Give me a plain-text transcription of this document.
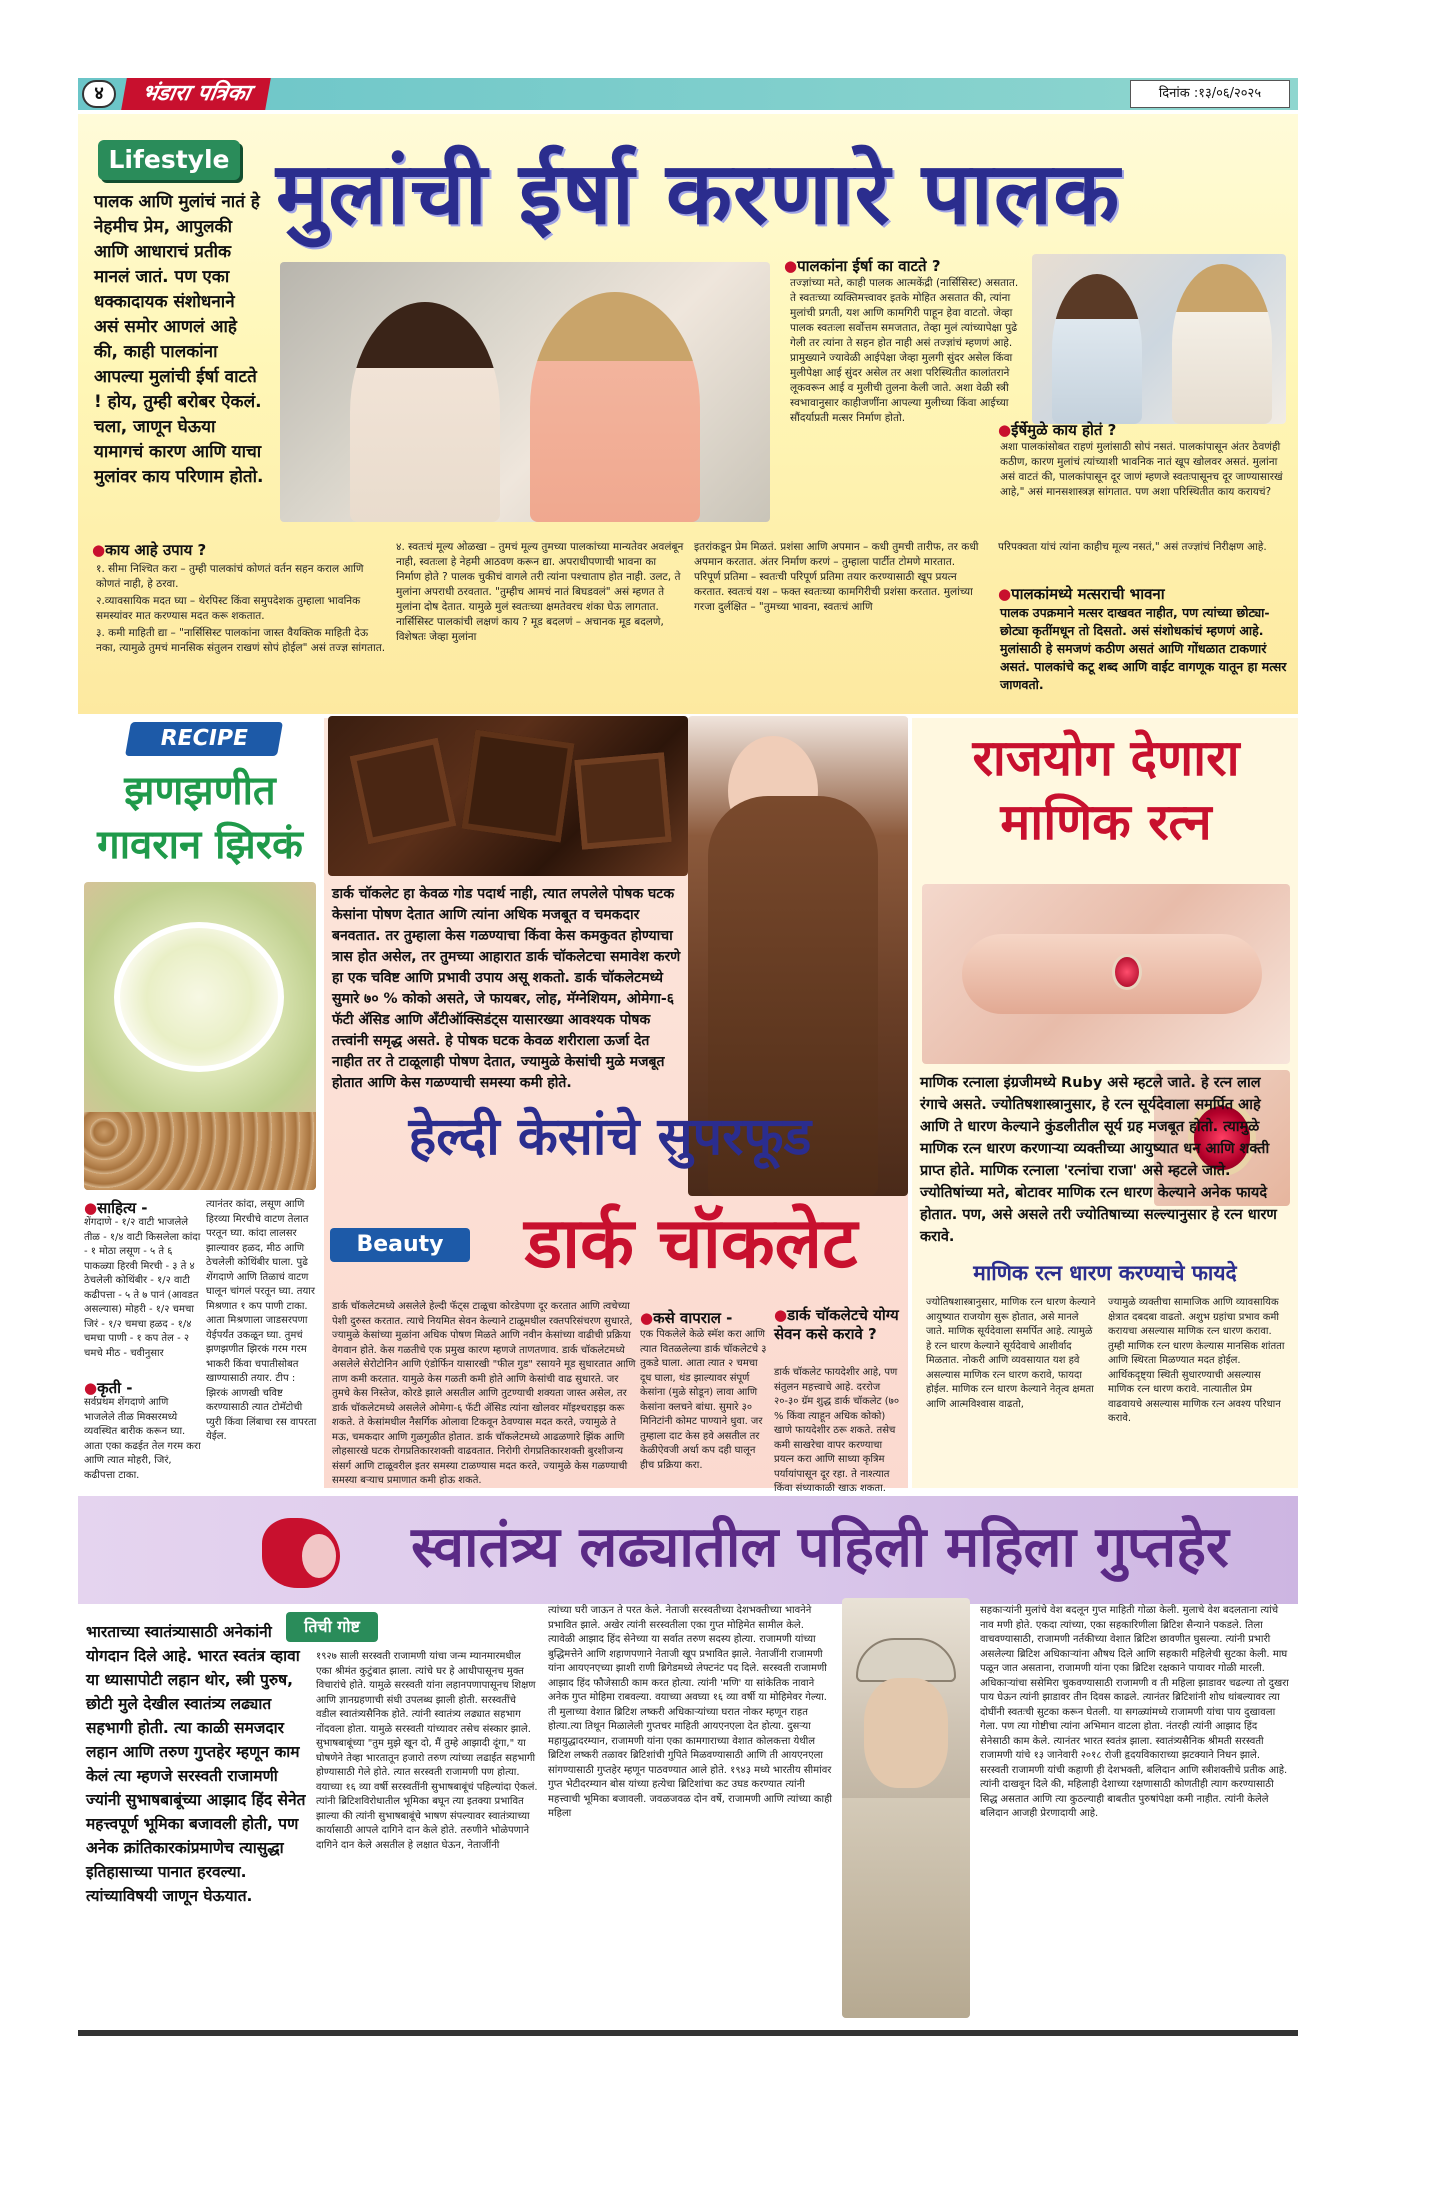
४	भंडारा पत्रिका	दिनांक :१३/०६/२०२५
Lifestyle मुलांची ईर्षा करणारे पालक
पालक आणि मुलांचं नातं हे नेहमीच प्रेम, आपुलकी आणि आधाराचं प्रतीक मानलं जातं. पण एका धक्कादायक संशोधनाने असं समोर आणलं आहे की, काही पालकांना आपल्या मुलांची ईर्षा वाटते ! होय, तुम्ही बरोबर ऐकलं. चला, जाणून घेऊया यामागचं कारण आणि याचा मुलांवर काय परिणाम होतो.
● पालकांना ईर्षा का वाटते ?
तज्ज्ञांच्या मते, काही पालक आत्मकेंद्री (नार्सिसिस्ट) असतात. ते स्वतःच्या व्यक्तिमत्त्वावर इतके मोहित असतात की, त्यांना मुलांची प्रगती, यश आणि कामगिरी पाहून हेवा वाटतो. जेव्हा पालक स्वतःला सर्वोत्तम समजतात, तेव्हा मुलं त्यांच्यापेक्षा पुढे गेली तर त्यांना ते सहन होत नाही असं तज्ज्ञांचं म्हणणं आहे. प्रामुख्याने ज्यावेळी आईपेक्षा जेव्हा मुलगी सुंदर असेल किंवा मुलीपेक्षा आई सुंदर असेल तर अशा परिस्थितीत कालांतराने लूकवरून आई व मुलीची तुलना केली जाते. अशा वेळी स्त्री स्वभावानुसार काहीजणींना आपल्या मुलीच्या किंवा आईच्या सौंदर्याप्रती मत्सर निर्माण होतो.
● ईर्षेमुळे काय होतं ?
अशा पालकांसोबत राहणं मुलांसाठी सोपं नसतं. पालकांपासून अंतर ठेवणंही कठीण, कारण मुलांचं त्यांच्याशी भावनिक नातं खूप खोलवर असतं. मुलांना असं वाटतं की, पालकांपासून दूर जाणं म्हणजे स्वतःपासूनच दूर जाण्यासारखं आहे," असं मानसशास्त्रज्ञ सांगतात. पण अशा परिस्थितीत काय करायचं?
● काय आहे उपाय ?

१. सीमा निश्चित करा – तुम्ही पालकांचं कोणतं वर्तन सहन कराल आणि कोणतं नाही, हे ठरवा.

२.व्यावसायिक मदत घ्या – थेरपिस्ट किंवा समुपदेशक तुम्हाला भावनिक समस्यांवर मात करण्यास मदत करू शकतात.

३. कमी माहिती द्या – "नार्सिसिस्ट पालकांना जास्त वैयक्तिक माहिती देऊ नका, त्यामुळे तुमचं मानसिक संतुलन राखणं सोपं होईल" असं तज्ज्ञ सांगतात.

४. स्वतःचं मूल्य ओळखा – तुमचं मूल्य तुमच्या पालकांच्या मान्यतेवर अवलंबून नाही, स्वतःला हे नेहमी आठवण करून द्या. अपराधीपणाची भावना का निर्माण होते ? पालक चुकीचं वागले तरी त्यांना पश्चाताप होत नाही. उलट, ते मुलांना अपराधी ठरवतात. "तुम्हीच आमचं नातं बिघडवलं" असं म्हणत ते मुलांना दोष देतात. यामुळे मुलं स्वतःच्या क्षमतेवरच शंका घेऊ लागतात. नार्सिसिस्ट पालकांची लक्षणं काय ? मूड बदलणं – अचानक मूड बदलणे, विशेषतः जेव्हा मुलांना
इतरांकडून प्रेम मिळतं. प्रशंसा आणि अपमान – कधी तुमची तारीफ, तर कधी अपमान करतात. अंतर निर्माण करणं – तुम्हाला पार्टीत टोमणे मारतात. परिपूर्ण प्रतिमा – स्वतःची परिपूर्ण प्रतिमा तयार करण्यासाठी खूप प्रयत्न करतात. स्वतःचं यश – फक्त स्वतःच्या कामगिरीची प्रशंसा करतात. मुलांच्या गरजा दुर्लक्षित – "तुमच्या भावना, स्वतःचं आणि
परिपक्वता यांचं त्यांना काहीच मूल्य नसतं," असं तज्ज्ञांचं निरीक्षण आहे.
● पालकांमध्ये मत्सराची भावना
पालक उपक्रमाने मत्सर दाखवत नाहीत, पण त्यांच्या छोट्या-छोट्या कृतींमधून तो दिसतो. असं संशोधकांचं म्हणणं आहे. मुलांसाठी हे समजणं कठीण असतं आणि गोंधळात टाकणारं असतं. पालकांचे कटू शब्द आणि वाईट वागणूक यातून हा मत्सर जाणवतो.
RECIPE
झणझणीत गावरान झिरकं
● साहित्य -
शेंगदाणे - १/२ वाटी भाजलेले तीळ - १/४ वाटी किसलेला कांदा - १ मोठा लसूण - ५ ते ६ पाकळ्या हिरवी मिरची - ३ ते ४ ठेचलेली कोथिंबीर - १/२ वाटी कढीपत्ता - ५ ते ७ पानं (आवडत असल्यास) मोहरी - १/२ चमचा जिरं - १/२ चमचा हळद - १/४ चमचा पाणी - १ कप तेल - २ चमचे मीठ - चवीनुसार
● कृती -
सर्वप्रथम शेंगदाणे आणि भाजलेले तीळ मिक्सरमध्ये व्यवस्थित बारीक करून घ्या. आता एका कढईत तेल गरम करा आणि त्यात मोहरी, जिरं, कढीपत्ता टाका.
त्यानंतर कांदा, लसूण आणि हिरव्या मिरचीचे वाटण तेलात परतून घ्या. कांदा लालसर झाल्यावर हळद, मीठ आणि ठेचलेली कोथिंबीर घाला. पुढे शेंगदाणे आणि तिळाचं वाटण घालून चांगलं परतून घ्या. तयार मिश्रणात १ कप पाणी टाका. आता मिश्रणाला जाडसरपणा येईपर्यंत उकळून घ्या. तुमचं झणझणीत झिरकं गरम गरम भाकरी किंवा चपातीसोबत खाण्यासाठी तयार. टीप : झिरकं आणखी चविष्ट करण्यासाठी त्यात टोमॅटोची प्युरी किंवा लिंबाचा रस वापरता येईल.
डार्क चॉकलेट हा केवळ गोड पदार्थ नाही, त्यात लपलेले पोषक घटक केसांना पोषण देतात आणि त्यांना अधिक मजबूत व चमकदार बनवतात. तर तुम्हाला केस गळण्याचा किंवा केस कमकुवत होण्याचा त्रास होत असेल, तर तुमच्या आहारात डार्क चॉकलेटचा समावेश करणे हा एक चविष्ट आणि प्रभावी उपाय असू शकतो. डार्क चॉकलेटमध्ये सुमारे ७० % कोको असते, जे फायबर, लोह, मॅग्नेशियम, ओमेगा-६ फॅटी ॲसिड आणि अँटीऑक्सिडंट्स यासारख्या आवश्यक पोषक तत्त्वांनी समृद्ध असते. हे पोषक घटक केवळ शरीराला ऊर्जा देत नाहीत तर ते टाळूलाही पोषण देतात, ज्यामुळे केसांची मुळे मजबूत होतात आणि केस गळण्याची समस्या कमी होते.
हेल्दी केसांचे सुपरफूड
Beauty	डार्क चॉकलेट
डार्क चॉकलेटमध्ये असलेले हेल्दी फॅट्स टाळूचा कोरडेपणा दूर करतात आणि त्वचेच्या पेशी दुरुस्त करतात. त्याचे नियमित सेवन केल्याने टाळूमधील रक्तपरिसंचरण सुधारते, ज्यामुळे केसांच्या मुळांना अधिक पोषण मिळते आणि नवीन केसांच्या वाढीची प्रक्रिया वेगवान होते. केस गळतीचे एक प्रमुख कारण म्हणजे ताणतणाव. डार्क चॉकलेटमध्ये असलेले सेरोटोनिन आणि एंडोर्फिन यासारखी "फील गुड" रसायने मूड सुधारतात आणि ताण कमी करतात. यामुळे केस गळती कमी होते आणि केसांची वाढ सुधारते. जर तुमचे केस निस्तेज, कोरडे झाले असतील आणि तुटण्याची शक्यता जास्त असेल, तर डार्क चॉकलेटमध्ये असलेले ओमेगा-६ फॅटी ॲसिड त्यांना खोलवर मॉइश्चराइझ करू शकते. ते केसांमधील नैसर्गिक ओलावा टिकवून ठेवण्यास मदत करते, ज्यामुळे ते मऊ, चमकदार आणि गुळगुळीत होतात. डार्क चॉकलेटमध्ये आढळणारे झिंक आणि लोहसारखे घटक रोगप्रतिकारशक्ती वाढवतात. निरोगी रोगप्रतिकारशक्ती बुरशीजन्य संसर्ग आणि टाळूवरील इतर समस्या टाळण्यास मदत करते, ज्यामुळे केस गळण्याची समस्या बऱ्याच प्रमाणात कमी होऊ शकते.
● कसे वापराल -
एक पिकलेले केळे स्मॅश करा आणि त्यात वितळलेल्या डार्क चॉकलेटचे ३ तुकडे घाला. आता त्यात २ चमचा दूध घाला, थंड झाल्यावर संपूर्ण केसांना (मुळे सोडून) लावा आणि केसांना क्लचने बांधा. सुमारे ३० मिनिटांनी कोमट पाण्याने धुवा. जर तुम्हाला दाट केस हवे असतील तर केळीऐवजी अर्धा कप दही घालून हीच प्रक्रिया करा.
● डार्क चॉकलेटचे योग्य सेवन कसे करावे ?
डार्क चॉकलेट फायदेशीर आहे, पण संतुलन महत्त्वाचे आहे. दररोज २०-३० ग्रॅम शुद्ध डार्क चॉकलेट (७० % किंवा त्याहून अधिक कोको) खाणे फायदेशीर ठरू शकते. तसेच कमी साखरेचा वापर करण्याचा प्रयत्न करा आणि साध्या कृत्रिम पर्यायांपासून दूर रहा. ते नाश्त्यात किंवा संध्याकाळी खाऊ शकता.
राजयोग देणारा माणिक रत्न
माणिक रत्नाला इंग्रजीमध्ये Ruby असे म्हटले जाते. हे रत्न लाल रंगाचे असते. ज्योतिषशास्त्रानुसार, हे रत्न सूर्यदेवाला समर्पित आहे आणि ते धारण केल्याने कुंडलीतील सूर्य ग्रह मजबूत होतो. त्यामुळे माणिक रत्न धारण करणाऱ्या व्यक्तीच्या आयुष्यात धन आणि शक्ती प्राप्त होते. माणिक रत्नाला 'रत्नांचा राजा' असे म्हटले जाते. ज्योतिषांच्या मते, बोटावर माणिक रत्न धारण केल्याने अनेक फायदे होतात. पण, असे असले तरी ज्योतिषाच्या सल्ल्यानुसार हे रत्न धारण करावे.
माणिक रत्न धारण करण्याचे फायदे
ज्योतिषशास्त्रानुसार, माणिक रत्न धारण केल्याने आयुष्यात राजयोग सुरू होतात, असे मानले जाते. माणिक सूर्यदेवाला समर्पित आहे. त्यामुळे हे रत्न धारण केल्याने सूर्यदेवाचे आशीर्वाद मिळतात. नोकरी आणि व्यवसायात यश हवे असल्यास माणिक रत्न धारण करावे, फायदा होईल. माणिक रत्न धारण केल्याने नेतृत्व क्षमता आणि आत्मविश्वास वाढतो,
ज्यामुळे व्यक्तीचा सामाजिक आणि व्यावसायिक क्षेत्रात दबदबा वाढतो. अशुभ ग्रहांचा प्रभाव कमी करायचा असल्यास माणिक रत्न धारण करावा. तुम्ही माणिक रत्न धारण केल्यास मानसिक शांतता आणि स्थिरता मिळण्यात मदत होईल. आर्थिकदृष्ट्या स्थिती सुधारण्याची असल्यास माणिक रत्न धारण करावे. नात्यातील प्रेम वाढवायचे असल्यास माणिक रत्न अवश्य परिधान करावे.
स्वातंत्र्य लढ्यातील पहिली महिला गुप्तहेर
भारताच्या स्वातंत्र्यासाठी अनेकांनी योगदान दिले आहे. भारत स्वतंत्र व्हावा या ध्यासापोटी लहान थोर, स्त्री पुरुष, छोटी मुले देखील स्वातंत्र्य लढ्यात सहभागी होती. त्या काळी समजदार लहान आणि तरुण गुप्तहेर म्हणून काम केलं त्या म्हणजे सरस्वती राजामणी ज्यांनी सुभाषबाबूंच्या आझाद हिंद सेनेत महत्त्वपूर्ण भूमिका बजावली होती, पण अनेक क्रांतिकारकांप्रमाणेच त्यासुद्धा इतिहासाच्या पानात हरवल्या. त्यांच्याविषयी जाणून घेऊयात.
तिची गोष्ट
१९२७ साली सरस्वती राजामणी यांचा जन्म म्यानमारमधील एका श्रीमंत कुटुंबात झाला. त्यांचे घर हे आधीपासूनच मुक्त विचारांचे होते. यामुळे सरस्वती यांना लहानपणापासूनच शिक्षण आणि ज्ञानग्रहणाची संधी उपलब्ध झाली होती. सरस्वतींचे वडील स्वातंत्र्यसैनिक होते. त्यांनी स्वातंत्र्य लढ्यात सहभाग नोंदवला होता. यामुळे सरस्वती यांच्यावर तसेच संस्कार झाले. सुभाषबाबूंच्या "तुम मुझे खून दो, मैं तुम्हे आझादी दूंगा," या घोषणेने तेव्हा भारतातून हजारो तरुण त्यांच्या लढाईत सहभागी होण्यासाठी गेले होते. त्यात सरस्वती राजामणी पण होत्या. वयाच्या १६ व्या वर्षी सरस्वतींनी सुभाषबाबूंचं पहिल्यांदा ऐकलं. त्यांनी ब्रिटिशविरोधातील भूमिका बघून त्या इतक्या प्रभावित झाल्या की त्यांनी सुभाषबाबूंचे भाषण संपल्यावर स्वातंत्र्याच्या कार्यासाठी आपले दागिने दान केले होते. तरुणीने भोळेपणाने दागिने दान केले असतील हे लक्षात घेऊन, नेताजींनी
त्यांच्या घरी जाऊन ते परत केले. नेताजी सरस्वतीच्या देशभक्तीच्या भावनेने प्रभावित झाले. अखेर त्यांनी सरस्वतीला एका गुप्त मोहिमेत सामील केले. त्यावेळी आझाद हिंद सेनेच्या या सर्वात तरुण सदस्य होत्या. राजामणी यांच्या बुद्धिमत्तेने आणि शहाणपणाने नेताजी खूप प्रभावित झाले. नेताजींनी राजामणी यांना आयएनएच्या झाशी राणी ब्रिगेडमध्ये लेफ्टनंट पद दिले. सरस्वती राजामणी आझाद हिंद फौजेसाठी काम करत होत्या. त्यांनी 'मणि' या सांकेतिक नावाने अनेक गुप्त मोहिमा राबवल्या. वयाच्या अवघ्या १६ व्या वर्षी या मोहिमेवर गेल्या. ती मुलाच्या वेशात ब्रिटिश लष्करी अधिकाऱ्यांच्या घरात नोकर म्हणून राहत होत्या.त्या तिथून मिळालेली गुप्तचर माहिती आयएनएला देत होत्या. दुसऱ्या महायुद्धादरम्यान, राजामणी यांना एका कामगाराच्या वेशात कोलकत्ता येथील ब्रिटिश लष्करी तळावर ब्रिटिशांची गुपिते मिळवण्यासाठी आणि ती आयएनएला सांगण्यासाठी गुप्तहेर म्हणून पाठवण्यात आले होते. १९४३ मध्ये भारतीय सीमांवर गुप्त भेटीदरम्यान बोस यांच्या हत्येचा ब्रिटिशांचा कट उघड करण्यात त्यांनी महत्त्वाची भूमिका बजावली. जवळजवळ दोन वर्षे, राजामणी आणि त्यांच्या काही महिला
सहकाऱ्यांनी मुलांचे वेश बदलून गुप्त माहिती गोळा केली. मुलाचे वेश बदलताना त्यांचे नाव मणी होते. एकदा त्यांच्या, एका सहकारिणीला ब्रिटिश सैन्याने पकडले. तिला वाचवण्यासाठी, राजामणी नर्तकीच्या वेशात ब्रिटिश छावणीत घुसल्या. त्यांनी प्रभारी असलेल्या ब्रिटिश अधिकाऱ्यांना औषध दिले आणि सहकारी महिलेची सुटका केली. माघ पळून जात असताना, राजामणी यांना एका ब्रिटिश रक्षकाने पायावर गोळी मारली. अधिकाऱ्यांचा ससेमिरा चुकवण्यासाठी राजामणी व ती महिला झाडावर चढल्या तो दुखरा पाय घेऊन त्यांनी झाडावर तीन दिवस काढले. त्यानंतर ब्रिटिशांनी शोध थांबल्यावर त्या दोघींनी स्वतःची सुटका करून घेतली. या सगळ्यांमध्ये राजामणी यांचा पाय दुखावला गेला. पण त्या गोष्टीचा त्यांना अभिमान वाटला होता. नंतरही त्यांनी आझाद हिंद सेनेसाठी काम केले. त्यानंतर भारत स्वतंत्र झाला. स्वातंत्र्यसैनिक श्रीमती सरस्वती राजामणी यांचे १३ जानेवारी २०१८ रोजी हृदयविकाराच्या झटक्याने निधन झाले. सरस्वती राजामणी यांची कहाणी ही देशभक्ती, बलिदान आणि स्त्रीशक्तीचे प्रतीक आहे. त्यांनी दाखवून दिले की, महिलाही देशाच्या रक्षणासाठी कोणतीही त्याग करण्यासाठी सिद्ध असतात आणि त्या कुठल्याही बाबतीत पुरुषांपेक्षा कमी नाहीत. त्यांनी केलेले बलिदान आजही प्रेरणादायी आहे.
